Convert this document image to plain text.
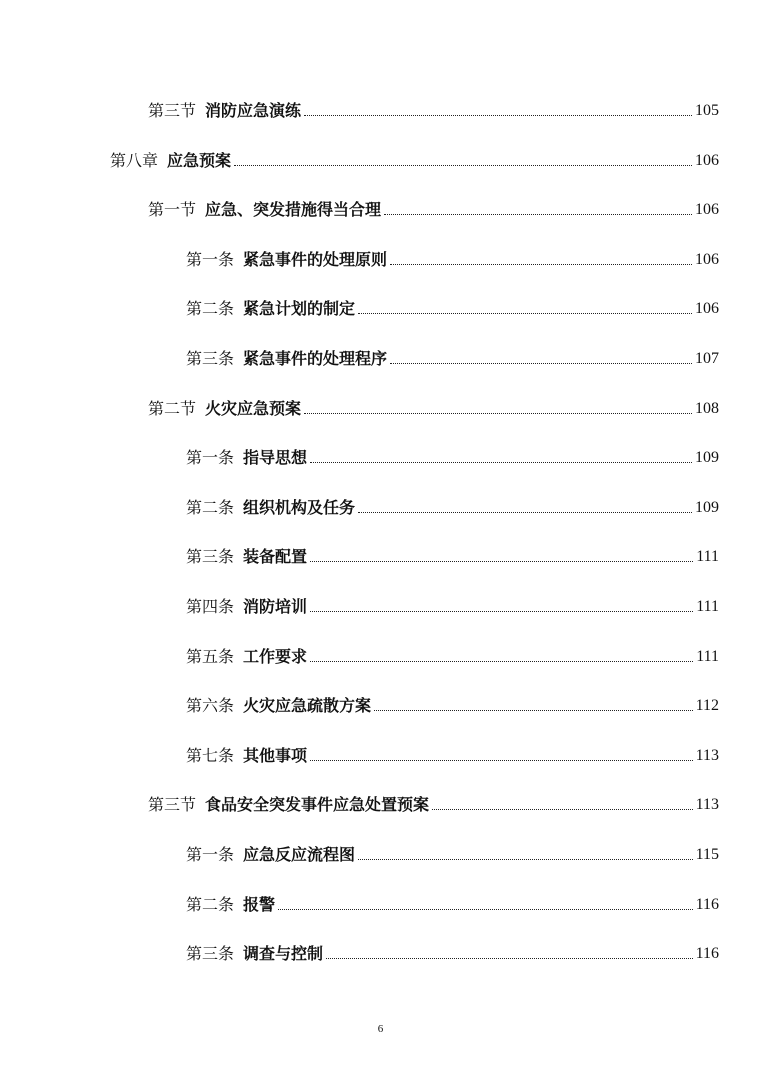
第三节 消防应急演练	105
第八章 应急预案	106
第一节 应急、突发措施得当合理	106
第一条 紧急事件的处理原则	106
第二条 紧急计划的制定	106
第三条 紧急事件的处理程序	107
第二节 火灾应急预案	108
第一条 指导思想	109
第二条 组织机构及任务	109
第三条 装备配置	111
第四条 消防培训	111
第五条 工作要求	111
第六条 火灾应急疏散方案	112
第七条 其他事项	113
第三节 食品安全突发事件应急处置预案	113
第一条 应急反应流程图	115
第二条 报警	116
第三条 调查与控制	116
6
